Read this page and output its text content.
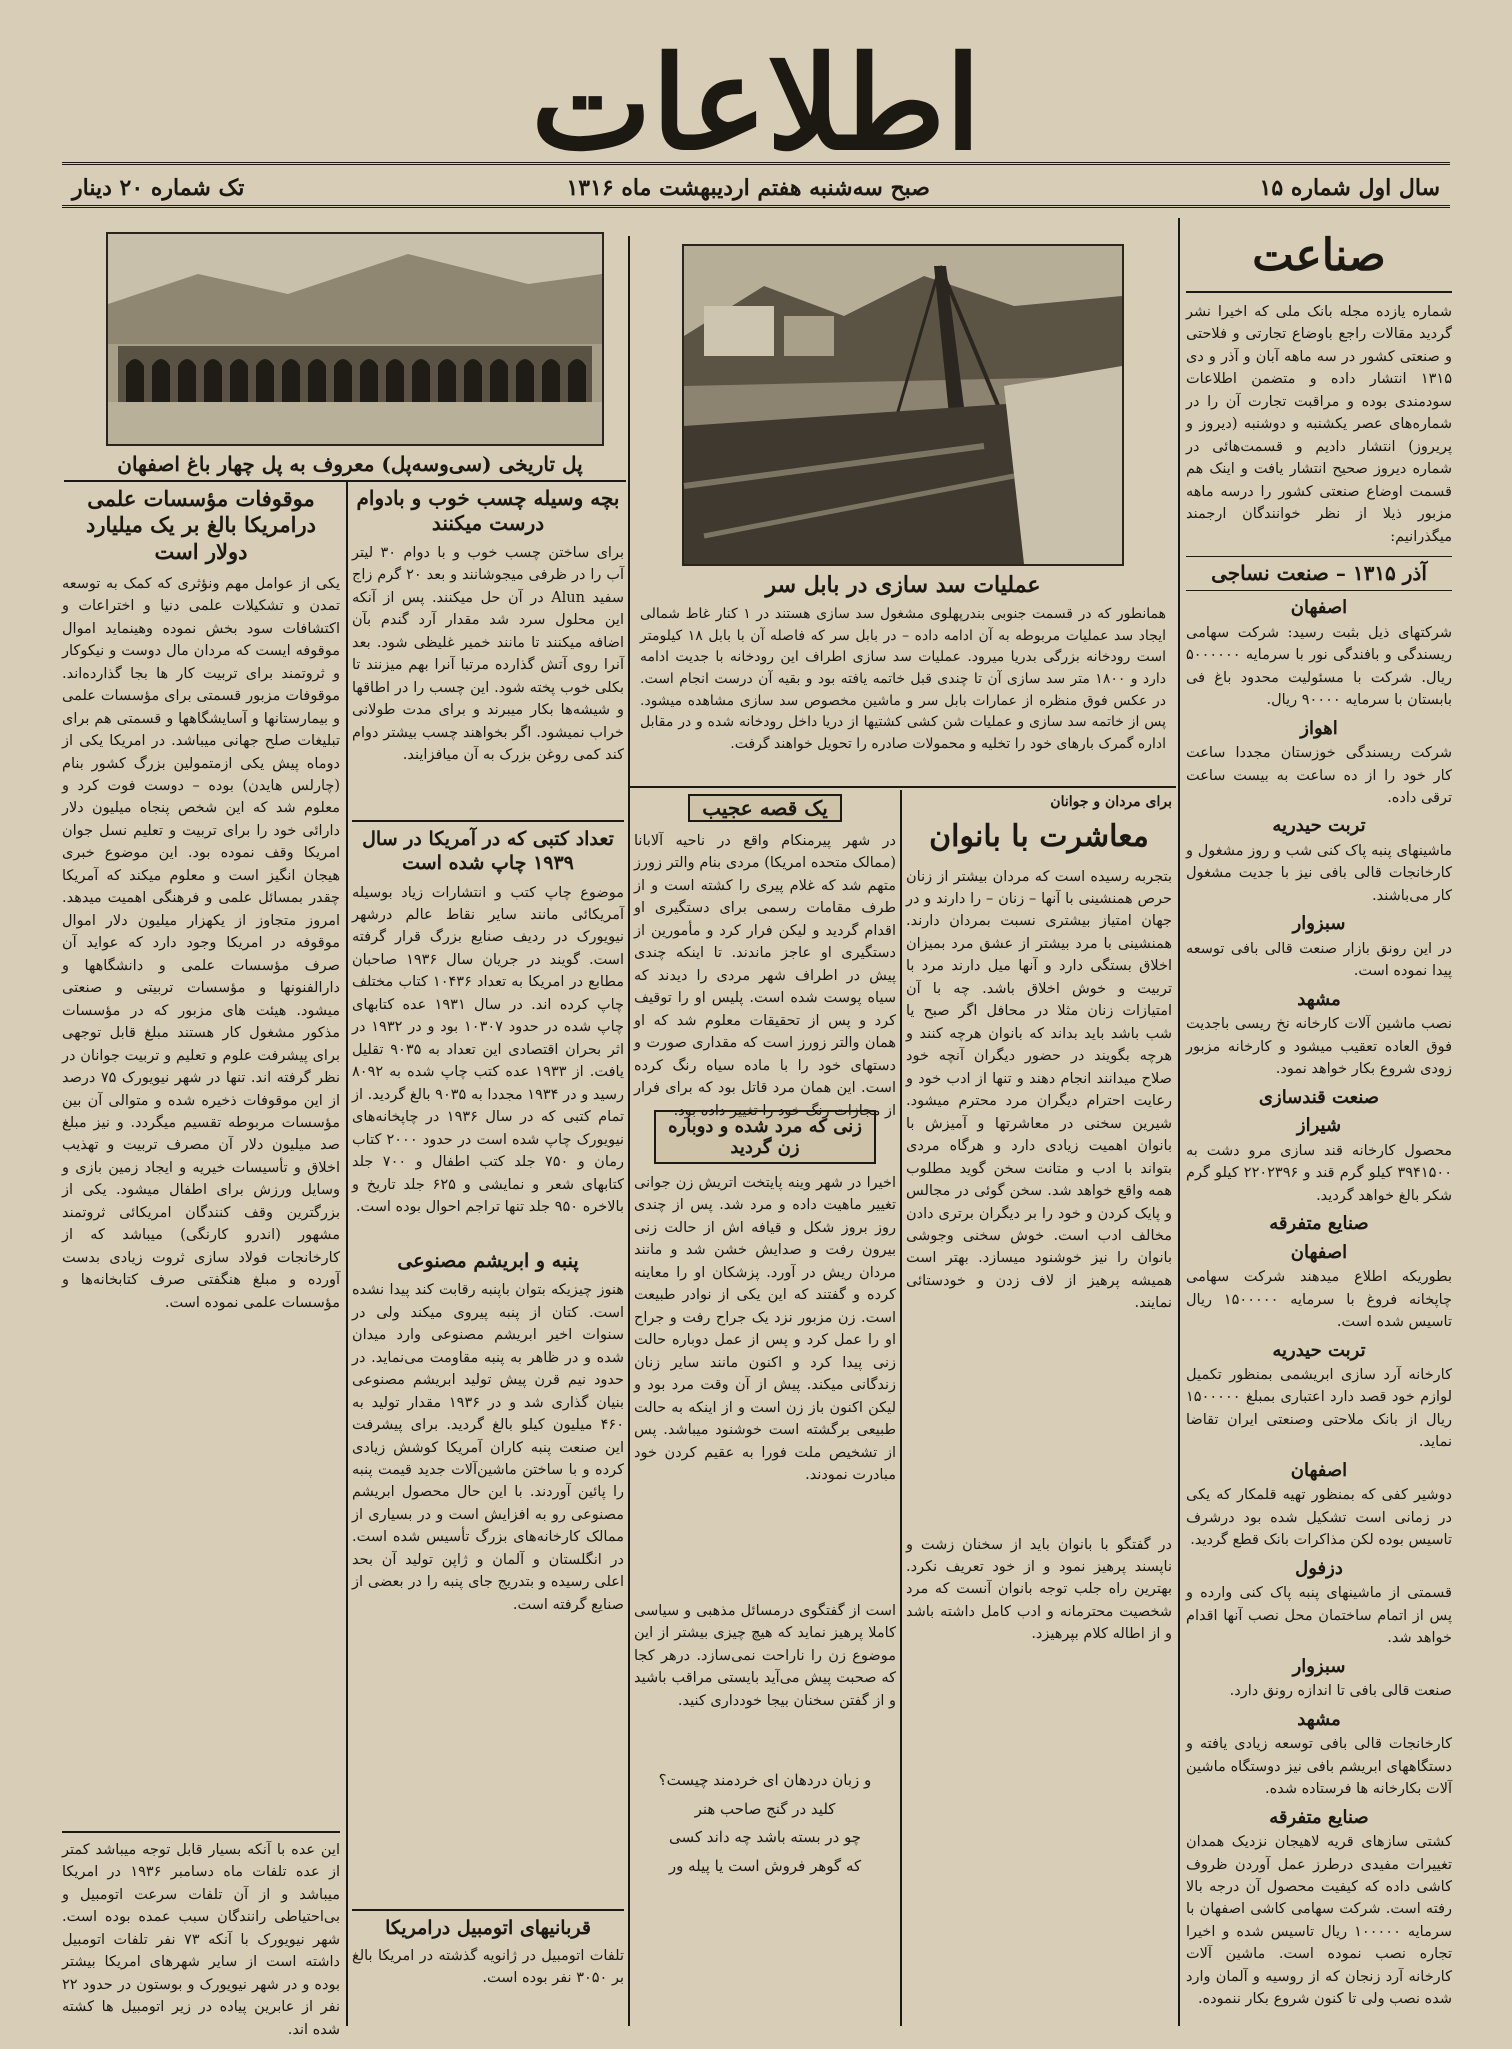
اطلاعات
سال اول شماره ۱۵
صبح سه‌شنبه هفتم اردیبهشت ماه ۱۳۱۶
تک شماره ۲۰ دینار
صناعت
شماره یازده مجله بانک ملی که اخیرا نشر گردید مقالات راجع باوضاع تجارتی و فلاحتی و صنعتی کشور در سه ماهه آبان و آذر و دی ۱۳۱۵ انتشار داده و متضمن اطلاعات سودمندی بوده و مراقبت تجارت آن را در شماره‌های عصر یکشنبه و دوشنبه (دیروز و پریروز) انتشار دادیم و قسمت‌هائی در شماره دیروز صحیح انتشار یافت و اینک هم قسمت اوضاع صنعتی کشور را درسه ماهه مزبور ذیلا از نظر خوانندگان ارجمند میگذرانیم:
آذر ۱۳۱۵ – صنعت نساجی
اصفهان
شرکتهای ذیل بثبت رسید: شرکت سهامی ریسندگی و بافندگی نور با سرمایه ۵۰۰۰۰۰۰ ریال. شرکت با مسئولیت محدود باغ فی بابستان با سرمایه ۹۰۰۰۰ ریال.
اهواز
شرکت ریسندگی خوزستان مجددا ساعت کار خود را از ده ساعت به بیست ساعت ترقی داده.
تربت حیدریه
ماشینهای پنبه پاک کنی شب و روز مشغول و کارخانجات قالی بافی نیز با جدیت مشغول کار می‌باشند.
سبزوار
در این رونق بازار صنعت قالی بافی توسعه پیدا نموده است.
مشهد
نصب ماشین آلات کارخانه نخ ریسی باجدیت فوق العاده تعقیب میشود و کارخانه مزبور زودی شروع بکار خواهد نمود.
صنعت قندسازی
شیراز
محصول کارخانه قند سازی مرو دشت به ۳۹۴۱۵۰۰ کیلو گرم قند و ۲۲۰۲۳۹۶ کیلو گرم شکر بالغ خواهد گردید.
صنایع متفرقه
اصفهان
بطوریکه اطلاع میدهند شرکت سهامی چاپخانه فروغ با سرمایه ۱۵۰۰۰۰۰ ریال تاسیس شده است.
تربت حیدریه
کارخانه آرد سازی ابریشمی بمنظور تکمیل لوازم خود قصد دارد اعتباری بمبلغ ۱۵۰۰۰۰۰ ریال از بانک ملاحتی وصنعتی ایران تقاضا نماید.
اصفهان
دوشیر کفی که بمنظور تهیه قلمکار که یکی در زمانی است تشکیل شده بود درشرف تاسیس بوده لکن مذاکرات بانک قطع گردید.
دزفول
قسمتی از ماشینهای پنبه پاک کنی وارده و پس از اتمام ساختمان محل نصب آنها اقدام خواهد شد.
سبزوار
صنعت قالی بافی تا اندازه رونق دارد.
مشهد
کارخانجات قالی بافی توسعه زیادی یافته و دستگاههای ابریشم بافی نیز دوستگاه ماشین آلات بکارخانه ها فرستاده شده.
صنایع متفرقه
کشتی سازهای قریه لاهیجان نزدیک همدان تغییرات مفیدی درطرز عمل آوردن ظروف کاشی داده که کیفیت محصول آن درجه بالا رفته است. شرکت سهامی کاشی اصفهان با سرمایه ۱۰۰۰۰۰ ریال تاسیس شده و اخیرا تجاره نصب نموده است. ماشین آلات کارخانه آرد زنجان که از روسیه و آلمان وارد شده نصب ولی تا کنون شروع بکار ننموده.
عملیات سد سازی در بابل سر
همانطور که در قسمت جنوبی بندرپهلوی مشغول سد سازی هستند در ۱ کنار غاط شمالی ایجاد سد عملیات مربوطه به آن ادامه داده – در بابل سر که فاصله آن با بابل ۱۸ کیلومتر است رودخانه بزرگی بدریا میرود. عملیات سد سازی اطراف این رودخانه با جدیت ادامه دارد و ۱۸۰۰ متر سد سازی آن تا چندی قبل خاتمه یافته بود و بقیه آن درست انجام است. در عکس فوق منظره از عمارات بابل سر و ماشین مخصوص سد سازی مشاهده میشود. پس از خاتمه سد سازی و عملیات شن کشی کشتیها از دریا داخل رودخانه شده و در مقابل اداره گمرک بارهای خود را تخلیه و محمولات صادره را تحویل خواهند گرفت.
پل تاریخی (سی‌وسه‌پل) معروف به پل چهار باغ اصفهان
برای مردان و جوانان
معاشرت با بانوان
بتجربه رسیده است که مردان بیشتر از زنان حرص همنشینی با آنها – زنان – را دارند و در جهان امتیاز بیشتری نسبت بمردان دارند. همنشینی با مرد بیشتر از عشق مرد بمیزان اخلاق بستگی دارد و آنها میل دارند مرد با تربیت و خوش اخلاق باشد. چه با آن امتیازات زنان مثلا در محافل اگر صبح یا شب باشد باید بداند که بانوان هرچه کنند و هرچه بگویند در حضور دیگران آنچه خود صلاح میدانند انجام دهند و تنها از ادب خود و رعایت احترام دیگران مرد محترم میشود. شیرین سخنی در معاشرتها و آمیزش با بانوان اهمیت زیادی دارد و هرگاه مردی بتواند با ادب و متانت سخن گوید مطلوب همه واقع خواهد شد. سخن گوئی در مجالس و پایک کردن و خود را بر دیگران برتری دادن مخالف ادب است. خوش سخنی وجوشی بانوان را نیز خوشنود میسازد. بهتر است همیشه پرهیز از لاف زدن و خودستائی نمایند.
در گفتگو با بانوان باید از سخنان زشت و ناپسند پرهیز نمود و از خود تعریف نکرد. بهترین راه جلب توجه بانوان آنست که مرد شخصیت محترمانه و ادب کامل داشته باشد و از اطاله کلام بپرهیزد.
یک قصه عجیب
در شهر پیرمنکام واقع در ناحیه آلابانا (ممالک متحده امریکا) مردی بنام والتر زورز متهم شد که غلام پیری را کشته است و از طرف مقامات رسمی برای دستگیری او اقدام گردید و لیکن فرار کرد و مأمورین از دستگیری او عاجز ماندند. تا اینکه چندی پیش در اطراف شهر مردی را دیدند که سیاه پوست شده است. پلیس او را توقیف کرد و پس از تحقیقات معلوم شد که او همان والتر زورز است که مقداری صورت و دستهای خود را با ماده سیاه رنگ کرده است. این همان مرد قاتل بود که برای فرار از مجازات رنگ خود را تغییر داده بود.
زنی که مرد شده و دوباره زن گردید
اخیرا در شهر وینه پایتخت اتریش زن جوانی تغییر ماهیت داده و مرد شد. پس از چندی روز بروز شکل و قیافه اش از حالت زنی بیرون رفت و صدایش خشن شد و مانند مردان ریش در آورد. پزشکان او را معاینه کرده و گفتند که این یکی از نوادر طبیعت است. زن مزبور نزد یک جراح رفت و جراح او را عمل کرد و پس از عمل دوباره حالت زنی پیدا کرد و اکنون مانند سایر زنان زندگانی میکند. پیش از آن وقت مرد بود و لیکن اکنون باز زن است و از اینکه به حالت طبیعی برگشته است خوشنود میباشد. پس از تشخیص ملت فورا به عقیم کردن خود مبادرت نمودند.
است از گفتگوی درمسائل مذهبی و سیاسی کاملا پرهیز نماید که هیچ چیزی بیشتر از این موضوع زن را ناراحت نمی‌سازد. درهر کجا که صحبت پیش می‌آید بایستی مراقب باشید و از گفتن سخنان بیجا خودداری کنید.
و زبان دردهان ای خردمند چیست؟
کلید در گنج صاحب هنر
چو در بسته باشد چه داند کسی
که گوهر فروش است یا پیله ور
بچه وسیله چسب خوب و بادوام درست میکنند
برای ساختن چسب خوب و با دوام ۳۰ لیتر آب را در ظرفی میجوشانند و بعد ۲۰ گرم زاج سفید Alun در آن حل میکنند. پس از آنکه این محلول سرد شد مقدار آرد گندم بآن اضافه میکنند تا مانند خمیر غلیظی شود. بعد آنرا روی آتش گذارده مرتبا آنرا بهم میزنند تا بکلی خوب پخته شود. این چسب را در اطاقها و شیشه‌ها بکار میبرند و برای مدت طولانی خراب نمیشود. اگر بخواهند چسب بیشتر دوام کند کمی روغن بزرک به آن میافزایند.
تعداد کتبی که در آمریکا در سال ۱۹۳۹ چاپ شده است
موضوع چاپ کتب و انتشارات زیاد بوسیله آمریکائی مانند سایر نقاط عالم درشهر نیویورک در ردیف صنایع بزرگ قرار گرفته است. گویند در جریان سال ۱۹۳۶ صاحبان مطابع در امریکا به تعداد ۱۰۴۳۶ کتاب مختلف چاپ کرده اند. در سال ۱۹۳۱ عده کتابهای چاپ شده در حدود ۱۰۳۰۷ بود و در ۱۹۳۲ در اثر بحران اقتصادی این تعداد به ۹۰۳۵ تقلیل یافت. از ۱۹۳۳ عده کتب چاپ شده به ۸۰۹۲ رسید و در ۱۹۳۴ مجددا به ۹۰۳۵ بالغ گردید. از تمام کتبی که در سال ۱۹۳۶ در چاپخانه‌های نیویورک چاپ شده است در حدود ۲۰۰۰ کتاب رمان و ۷۵۰ جلد کتب اطفال و ۷۰۰ جلد کتابهای شعر و نمایشی و ۶۲۵ جلد تاریخ و بالاخره ۹۵۰ جلد تنها تراجم احوال بوده است.
پنبه و ابریشم مصنوعی
هنوز چیزیکه بتوان باپنبه رقابت کند پیدا نشده است. کتان از پنبه پیروی میکند ولی در سنوات اخیر ابریشم مصنوعی وارد میدان شده و در ظاهر به پنبه مقاومت می‌نماید. در حدود نیم قرن پیش تولید ابریشم مصنوعی بنیان گذاری شد و در ۱۹۳۶ مقدار تولید به ۴۶۰ میلیون کیلو بالغ گردید. برای پیشرفت این صنعت پنبه کاران آمریکا کوشش زیادی کرده و با ساختن ماشین‌آلات جدید قیمت پنبه را پائین آوردند. با این حال محصول ابریشم مصنوعی رو به افزایش است و در بسیاری از ممالک کارخانه‌های بزرگ تأسیس شده است. در انگلستان و آلمان و ژاپن تولید آن بحد اعلی رسیده و بتدریج جای پنبه را در بعضی از صنایع گرفته است.
قربانیهای اتومبیل درامریکا
تلفات اتومبیل در ژانویه گذشته در امریکا بالغ بر ۳۰۵۰ نفر بوده است.
موقوفات مؤسسات علمی درامریکا بالغ بر یک میلیارد دولار است
یکی از عوامل مهم ونؤثری که کمک به توسعه تمدن و تشکیلات علمی دنیا و اختراعات و اکتشافات سود بخش نموده وهینماید اموال موقوفه ایست که مردان مال دوست و نیکوکار و ثروتمند برای تربیت کار ها بجا گذارده‌اند. موقوفات مزبور قسمتی برای مؤسسات علمی و بیمارستانها و آسایشگاهها و قسمتی هم برای تبلیغات صلح جهانی میباشد. در امریکا یکی از دوماه پیش یکی ازمتمولین بزرگ کشور بنام (چارلس هایدن) بوده – دوست فوت کرد و معلوم شد که این شخص پنجاه میلیون دلار دارائی خود را برای تربیت و تعلیم نسل جوان امریکا وقف نموده بود. این موضوع خبری هیجان انگیز است و معلوم میکند که آمریکا چقدر بمسائل علمی و فرهنگی اهمیت میدهد. امروز متجاوز از یکهزار میلیون دلار اموال موقوفه در امریکا وجود دارد که عواید آن صرف مؤسسات علمی و دانشگاهها و دارالفنونها و مؤسسات تربیتی و صنعتی میشود. هیئت های مزبور که در مؤسسات مذکور مشغول کار هستند مبلغ قابل توجهی برای پیشرفت علوم و تعلیم و تربیت جوانان در نظر گرفته اند. تنها در شهر نیویورک ۷۵ درصد از این موقوفات ذخیره شده و متوالی آن بین مؤسسات مربوطه تقسیم میگردد. و نیز مبلغ صد میلیون دلار آن مصرف تربیت و تهذیب اخلاق و تأسیسات خیریه و ایجاد زمین بازی و وسایل ورزش برای اطفال میشود. یکی از بزرگترین وقف کنندگان امریکائی ثروتمند مشهور (اندرو کارنگی) میباشد که از کارخانجات فولاد سازی ثروت زیادی بدست آورده و مبلغ هنگفتی صرف کتابخانه‌ها و مؤسسات علمی نموده است.
این عده با آنکه بسیار قابل توجه میباشد کمتر از عده تلفات ماه دسامبر ۱۹۳۶ در امریکا میباشد و از آن تلفات سرعت اتومبیل و بی‌احتیاطی رانندگان سبب عمده بوده است. شهر نیویورک با آنکه ۷۳ نفر تلفات اتومبیل داشته است از سایر شهرهای امریکا بیشتر بوده و در شهر نیویورک و بوستون در حدود ۲۲ نفر از عابرین پیاده در زیر اتومبیل ها کشته شده اند.
